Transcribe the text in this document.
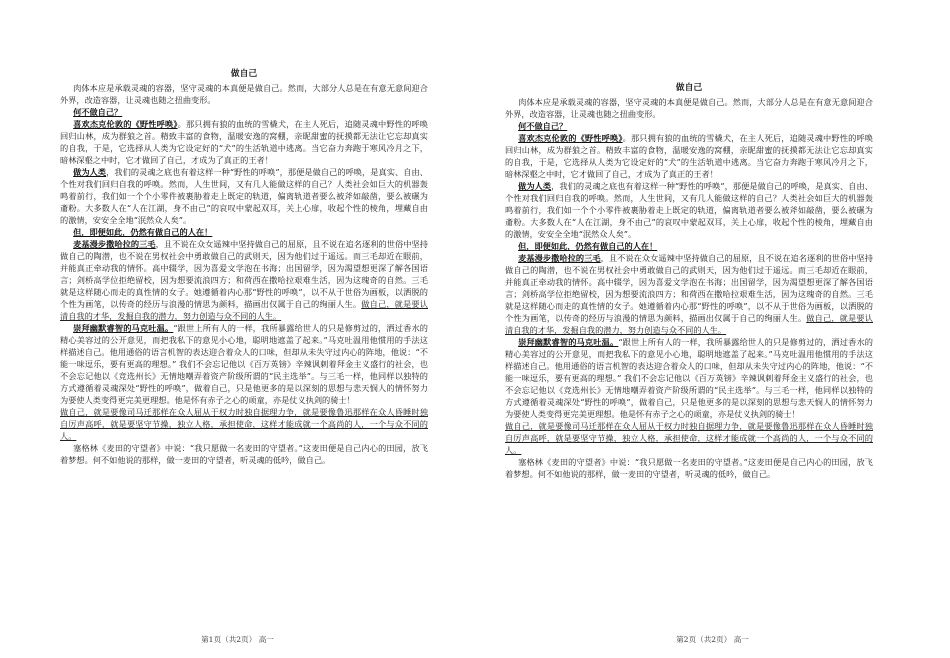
做自己

肉体本应是承载灵魂的容器，坚守灵魂的本真便是做自己。然而，大部分人总是在有意无意间迎合外界，改造容器，让灵魂也随之扭曲变形。

何不做自己？

喜欢杰克伦敦的《野性呼唤》。那只拥有狼的血统的雪橇犬，在主人死后，追随灵魂中野性的呼唤回归山林，成为群狼之首。精致丰富的食物，温暖安逸的窝棚，亲昵甜蜜的抚摸都无法让它忘却真实的自我，于是，它选择从人类为它设定好的“犬”的生活轨道中逃离。当它奋力奔跑于寒风冷月之下，暗林深壑之中时，它才做回了自己，才成为了真正的王者！

做为人类，我们的灵魂之底也有着这样一种“野性的呼唤”，那便是做自己的呼唤，是真实、自由、个性对我们回归自我的呼唤。然而，人生世间，又有几人能做这样的自己？人类社会如巨大的机器轰鸣着前行，我们如一个个小零件被裹胁着走上既定的轨道，偏离轨道者要么被斧如敲凿，要么被碾为齑粉。大多数人在“人在江湖，身不由己”的哀叹中蒙起双耳，关上心扉，收起个性的棱角，埋藏自由的激情，安安全全地“泯然众人矣”。

但，即便如此，仍然有做自己的人在！

麦基漫步撒哈拉的三毛，且不说在众女遥辣中坚持做自己的屈原，且不说在追名逐利的世俗中坚持做自己的陶潜，也不说在男权社会中勇敢做自己的武则天，因为他们过于遥远。而三毛却近在眼前，并能真正牵动我的情怀。高中辍学，因为喜爱文学泡在书海；出国留学，因为渴望想更深了解各国语言；剑桥高学位拒绝留校，因为想要流浪四方；和荷西在撒哈拉艰难生活，因为这瑰奇的自然。三毛就是这样随心而走的真性情的女子。她遵循着内心那“野性的呼唤”，以不从于世俗为画板，以洒脱的个性为画笔，以传奇的经历与浪漫的情思为颜料，描画出仅属于自己的绚丽人生。做自己，就是要认清自我的才华，发掘自我的潜力，努力创造与众不同的人生。

崇拜幽默睿智的马克吐温。“跟世上所有人的一样，我所暴露给世人的只是修剪过的，洒过香水的精心美容过的公开意见，而把我私下的意见小心地，聪明地遮盖了起来。”马克吐温用他惯用的手法这样描述自己。他用通俗的语言机智的表达迎合着众人的口味，但却从未失守过内心的阵地，他说：“不能一味逗乐，要有更高的理想。” 我们不会忘记他以《百万英镑》辛辣讽刺着拜金主义盛行的社会，也不会忘记他以《竞选州长》无情地嘲弄着资产阶级所谓的“民主选举”。与三毛一样，他同样以独特的方式遵循着灵魂深处“野性的呼唤”，做着自己，只是他更多的是以深刻的思想与悲天悯人的情怀努力为要使人类变得更完美更理想。他是怀有赤子之心的顽童，亦是仗义执剑的骑士！

做自己，就是要像司马迁那样在众人屈从于权力时独自据理力争，就是要像鲁迅那样在众人昏睡时独自厉声高呼，就是要坚守节操，独立人格，承担使命，这样才能成就一个高尚的人，一个与众不同的人。

塞格林《麦田的守望者》中说：“我只愿做一名麦田的守望者。”这麦田便是自己内心的田园，放飞着梦想。何不如他说的那样，做一麦田的守望者，听灵魂的低吟，做自己。

第1页（共2页） 高一
做自己

肉体本应是承载灵魂的容器，坚守灵魂的本真便是做自己。然而，大部分人总是在有意无意间迎合外界，改造容器，让灵魂也随之扭曲变形。

何不做自己？

喜欢杰克伦敦的《野性呼唤》。那只拥有狼的血统的雪橇犬，在主人死后，追随灵魂中野性的呼唤回归山林，成为群狼之首。精致丰富的食物，温暖安逸的窝棚，亲昵甜蜜的抚摸都无法让它忘却真实的自我，于是，它选择从人类为它设定好的“犬”的生活轨道中逃离。当它奋力奔跑于寒风冷月之下，暗林深壑之中时，它才做回了自己，才成为了真正的王者！

做为人类，我们的灵魂之底也有着这样一种“野性的呼唤”，那便是做自己的呼唤，是真实、自由、个性对我们回归自我的呼唤。然而，人生世间，又有几人能做这样的自己？人类社会如巨大的机器轰鸣着前行，我们如一个个小零件被裹胁着走上既定的轨道，偏离轨道者要么被斧如敲凿，要么被碾为齑粉。大多数人在“人在江湖，身不由己”的哀叹中蒙起双耳，关上心扉，收起个性的棱角，埋藏自由的激情，安安全全地“泯然众人矣”。

但，即便如此，仍然有做自己的人在！

麦基漫步撒哈拉的三毛，且不说在众女遥辣中坚持做自己的屈原，且不说在追名逐利的世俗中坚持做自己的陶潜，也不说在男权社会中勇敢做自己的武则天，因为他们过于遥远。而三毛却近在眼前，并能真正牵动我的情怀。高中辍学，因为喜爱文学泡在书海；出国留学，因为渴望想更深了解各国语言；剑桥高学位拒绝留校，因为想要流浪四方；和荷西在撒哈拉艰难生活，因为这瑰奇的自然。三毛就是这样随心而走的真性情的女子。她遵循着内心那“野性的呼唤”，以不从于世俗为画板，以洒脱的个性为画笔，以传奇的经历与浪漫的情思为颜料，描画出仅属于自己的绚丽人生。做自己，就是要认清自我的才华，发掘自我的潜力，努力创造与众不同的人生。

崇拜幽默睿智的马克吐温。“跟世上所有人的一样，我所暴露给世人的只是修剪过的，洒过香水的精心美容过的公开意见，而把我私下的意见小心地，聪明地遮盖了起来。”马克吐温用他惯用的手法这样描述自己。他用通俗的语言机智的表达迎合着众人的口味，但却从未失守过内心的阵地，他说：“不能一味逗乐，要有更高的理想。” 我们不会忘记他以《百万英镑》辛辣讽刺着拜金主义盛行的社会，也不会忘记他以《竞选州长》无情地嘲弄着资产阶级所谓的“民主选举”。与三毛一样，他同样以独特的方式遵循着灵魂深处“野性的呼唤”，做着自己，只是他更多的是以深刻的思想与悲天悯人的情怀努力为要使人类变得更完美更理想。他是怀有赤子之心的顽童，亦是仗义执剑的骑士！

做自己，就是要像司马迁那样在众人屈从于权力时独自据理力争，就是要像鲁迅那样在众人昏睡时独自厉声高呼，就是要坚守节操，独立人格，承担使命，这样才能成就一个高尚的人，一个与众不同的人。

塞格林《麦田的守望者》中说：“我只愿做一名麦田的守望者。”这麦田便是自己内心的田园，放飞着梦想。何不如他说的那样，做一麦田的守望者，听灵魂的低吟，做自己。

第2页（共2页） 高一
